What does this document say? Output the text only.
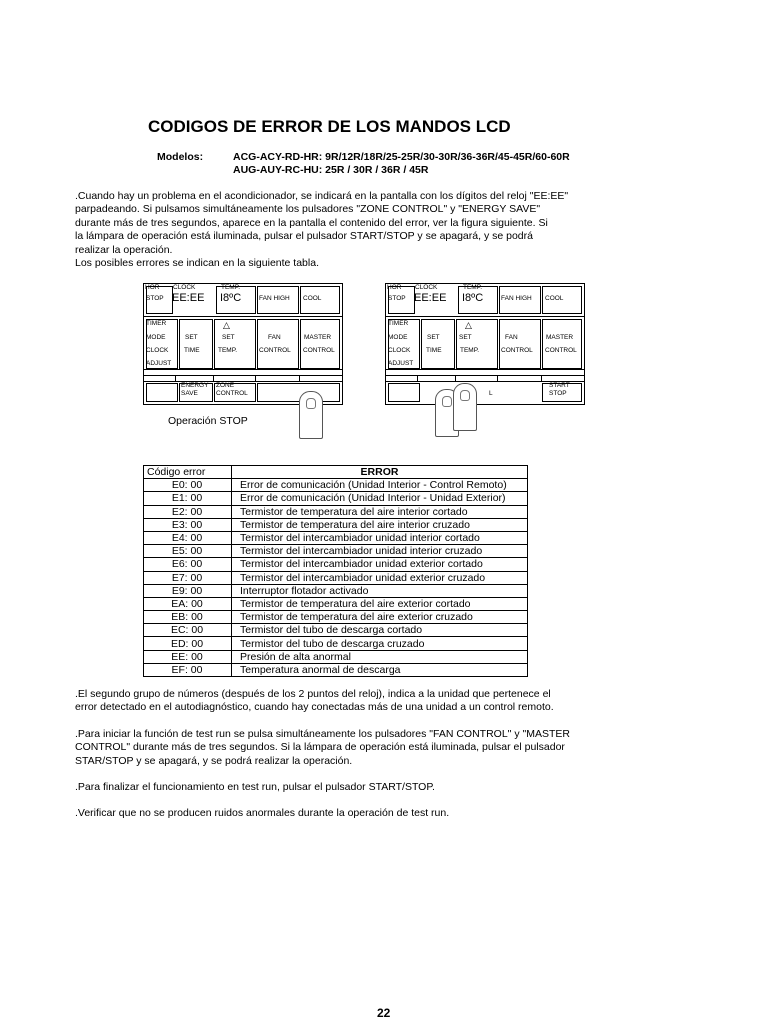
CODIGOS DE ERROR DE LOS MANDOS LCD
Modelos:	ACG-ACY-RD-HR: 9R/12R/18R/25-25R/30-30R/36-36R/45-45R/60-60R
AUG-AUY-RC-HU: 25R / 30R / 36R / 45R

.Cuando hay un problema en el acondicionador, se indicará en la pantalla con los dígitos del reloj "EE:EE"

parpadeando. Si pulsamos simultáneamente los pulsadores "ZONE CONTROL" y "ENERGY SAVE"

durante más de tres segundos, aparece en la pantalla el contenido del error, ver la figura siguiente. Si

la lámpara de operación está iluminada, pulsar el pulsador START/STOP y se apagará, y se podrá

realizar la operación.

Los posibles errores se indican en la siguiente tabla.

HOR CLOCK	TEMP.
STOP EE:EE I8ºC	FAN HIGH COOL
TIMER
MODE
CLOCK
ADJUST
SET
TIME
△
SET
TEMP.
FAN
CONTROL
MASTER
CONTROL
ENERGY
SAVE
ZONE
CONTROL
Operación STOP
HOR CLOCK	TEMP.
STOP EE:EE I8ºC	FAN HIGH COOL
TIMER
MODE
CLOCK
ADJUST
SET
TIME
△
SET
TEMP.
FAN
CONTROL
MASTER
CONTROL
L
START
STOP
Código error	ERROR
E0: 00	Error de comunicación (Unidad Interior - Control Remoto)
E1: 00	Error de comunicación (Unidad Interior - Unidad Exterior)
E2: 00	Termistor de temperatura del aire interior cortado
E3: 00	Termistor de temperatura del aire interior cruzado
E4: 00	Termistor del intercambiador unidad interior cortado
E5: 00	Termistor del intercambiador unidad interior cruzado
E6: 00	Termistor del intercambiador unidad exterior cortado
E7: 00	Termistor del intercambiador unidad exterior cruzado
E9: 00	Interruptor flotador activado
EA: 00	Termistor de temperatura del aire exterior cortado
EB: 00	Termistor de temperatura del aire exterior cruzado
EC: 00	Termistor del tubo de descarga cortado
ED: 00	Termistor del tubo de descarga cruzado
EE: 00	Presión de alta anormal
EF: 00	Temperatura anormal de descarga

.El segundo grupo de números (después de los 2 puntos del reloj), indica a la unidad que pertenece el

error detectado en el autodiagnóstico, cuando hay conectadas más de una unidad a un control remoto.

.Para iniciar la función de test run se pulsa simultáneamente los pulsadores "FAN CONTROL" y "MASTER

CONTROL" durante más de tres segundos. Si la lámpara de operación está iluminada, pulsar el pulsador

STAR/STOP y se apagará, y se podrá realizar la operación.

.Para finalizar el funcionamiento en test run, pulsar el pulsador START/STOP.

.Verificar que no se producen ruidos anormales durante la operación de test run.

22
